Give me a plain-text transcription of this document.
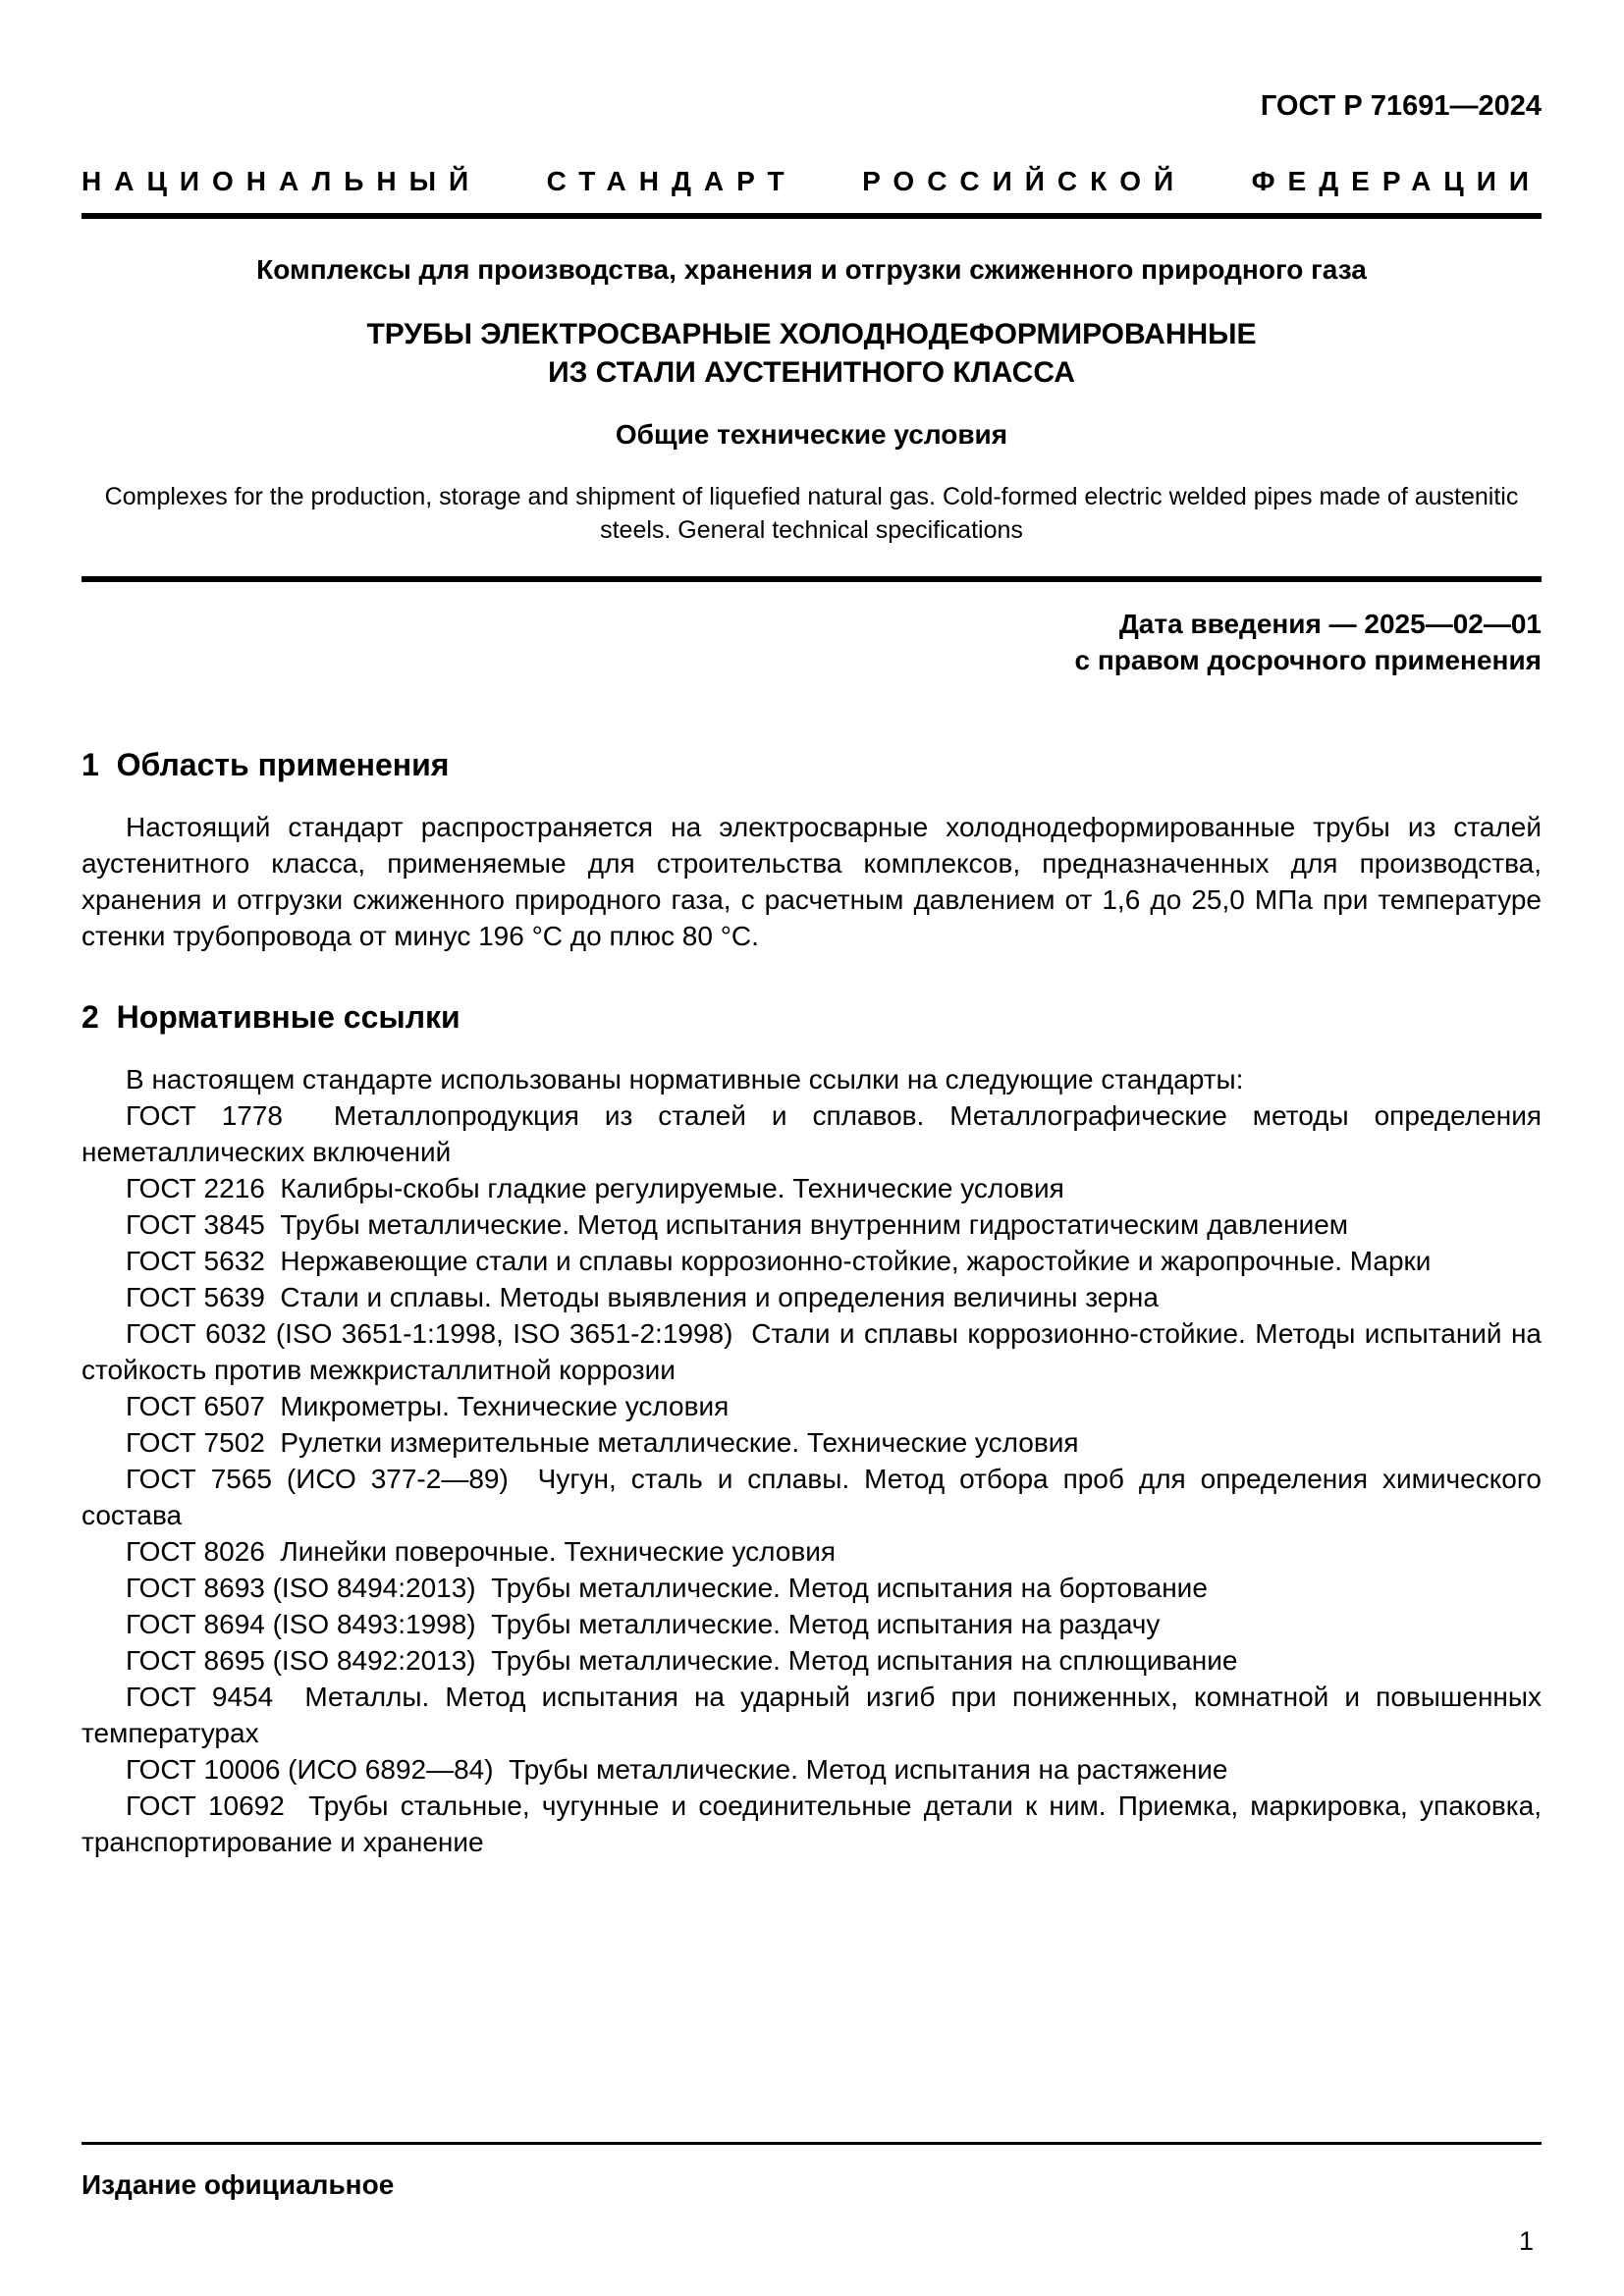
ГОСТ Р 71691—2024
НАЦИОНАЛЬНЫЙ СТАНДАРТ РОССИЙСКОЙ ФЕДЕРАЦИИ
Комплексы для производства, хранения и отгрузки сжиженного природного газа
ТРУБЫ ЭЛЕКТРОСВАРНЫЕ ХОЛОДНОДЕФОРМИРОВАННЫЕ
ИЗ СТАЛИ АУСТЕНИТНОГО КЛАССА
Общие технические условия
Complexes for the production, storage and shipment of liquefied natural gas. Cold-formed electric welded pipes made of austenitic steels. General technical specifications
Дата введения — 2025—02—01
с правом досрочного применения
1  Область применения

Настоящий стандарт распространяется на электросварные холоднодеформированные трубы из сталей аустенитного класса, применяемые для строительства комплексов, предназначенных для производства, хранения и отгрузки сжиженного природного газа, с расчетным давлением от 1,6 до 25,0 МПа при температуре стенки трубопровода от минус 196 °С до плюс 80 °С.

2  Нормативные ссылки

В настоящем стандарте использованы нормативные ссылки на следующие стандарты:

ГОСТ 1778  Металлопродукция из сталей и сплавов. Металлографические методы определения неметаллических включений

ГОСТ 2216  Калибры-скобы гладкие регулируемые. Технические условия

ГОСТ 3845  Трубы металлические. Метод испытания внутренним гидростатическим давлением

ГОСТ 5632  Нержавеющие стали и сплавы коррозионно-стойкие, жаростойкие и жаропрочные. Марки

ГОСТ 5639  Стали и сплавы. Методы выявления и определения величины зерна

ГОСТ 6032 (ISO 3651-1:1998, ISO 3651-2:1998)  Стали и сплавы коррозионно-стойкие. Методы испытаний на стойкость против межкристаллитной коррозии

ГОСТ 6507  Микрометры. Технические условия

ГОСТ 7502  Рулетки измерительные металлические. Технические условия

ГОСТ 7565 (ИСО 377-2—89)  Чугун, сталь и сплавы. Метод отбора проб для определения химического состава

ГОСТ 8026  Линейки поверочные. Технические условия

ГОСТ 8693 (ISO 8494:2013)  Трубы металлические. Метод испытания на бортование

ГОСТ 8694 (ISO 8493:1998)  Трубы металлические. Метод испытания на раздачу

ГОСТ 8695 (ISO 8492:2013)  Трубы металлические. Метод испытания на сплющивание

ГОСТ 9454  Металлы. Метод испытания на ударный изгиб при пониженных, комнатной и повышенных температурах

ГОСТ 10006 (ИСО 6892—84)  Трубы металлические. Метод испытания на растяжение

ГОСТ 10692  Трубы стальные, чугунные и соединительные детали к ним. Приемка, маркировка, упаковка, транспортирование и хранение

Издание официальное
1
